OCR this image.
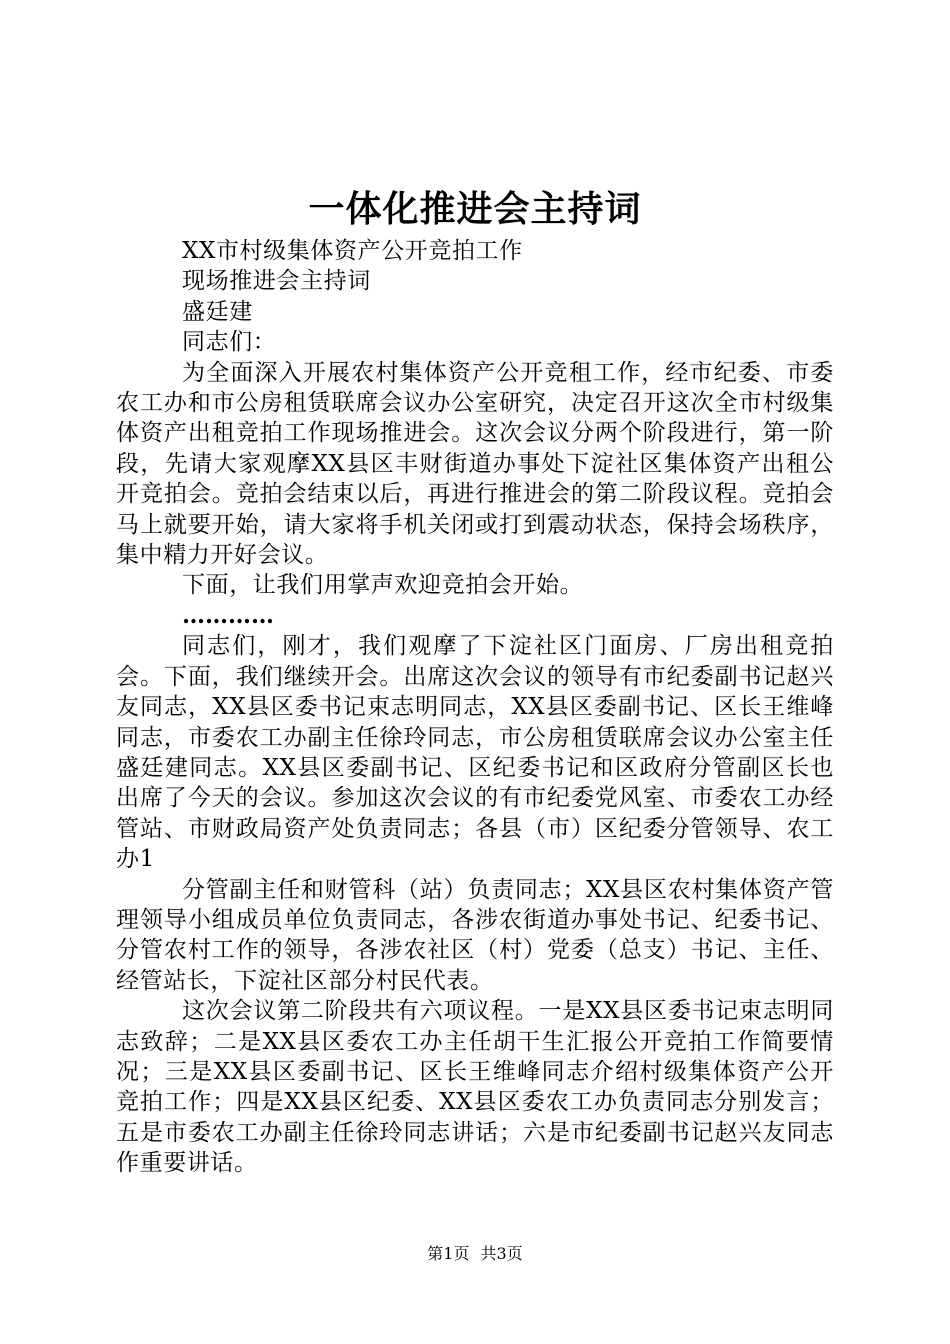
一体化推进会主持词
XX市村级集体资产公开竞拍工作
现场推进会主持词
盛廷建
同志们：

为全面深入开展农村集体资产公开竞租工作，经市纪委、市委农工办和市公房租赁联席会议办公室研究，决定召开这次全市村级集体资产出租竞拍工作现场推进会。这次会议分两个阶段进行，第一阶段，先请大家观摩XX县区丰财街道办事处下淀社区集体资产出租公开竞拍会。竞拍会结束以后，再进行推进会的第二阶段议程。竞拍会马上就要开始，请大家将手机关闭或打到震动状态，保持会场秩序，集中精力开好会议。

下面，让我们用掌声欢迎竞拍会开始。

…………

同志们，刚才，我们观摩了下淀社区门面房、厂房出租竞拍会。下面，我们继续开会。出席这次会议的领导有市纪委副书记赵兴友同志，XX县区委书记束志明同志，XX县区委副书记、区长王维峰同志，市委农工办副主任徐玲同志，市公房租赁联席会议办公室主任盛廷建同志。XX县区委副书记、区纪委书记和区政府分管副区长也出席了今天的会议。参加这次会议的有市纪委党风室、市委农工办经管站、市财政局资产处负责同志；各县（市）区纪委分管领导、农工办1

分管副主任和财管科（站）负责同志；XX县区农村集体资产管理领导小组成员单位负责同志，各涉农街道办事处书记、纪委书记、分管农村工作的领导，各涉农社区（村）党委（总支）书记、主任、经管站长，下淀社区部分村民代表。

这次会议第二阶段共有六项议程。一是XX县区委书记束志明同志致辞；二是XX县区委农工办主任胡干生汇报公开竞拍工作简要情况；三是XX县区委副书记、区长王维峰同志介绍村级集体资产公开竞拍工作；四是XX县区纪委、XX县区委农工办负责同志分别发言；五是市委农工办副主任徐玲同志讲话；六是市纪委副书记赵兴友同志作重要讲话。

第1页 共3页
